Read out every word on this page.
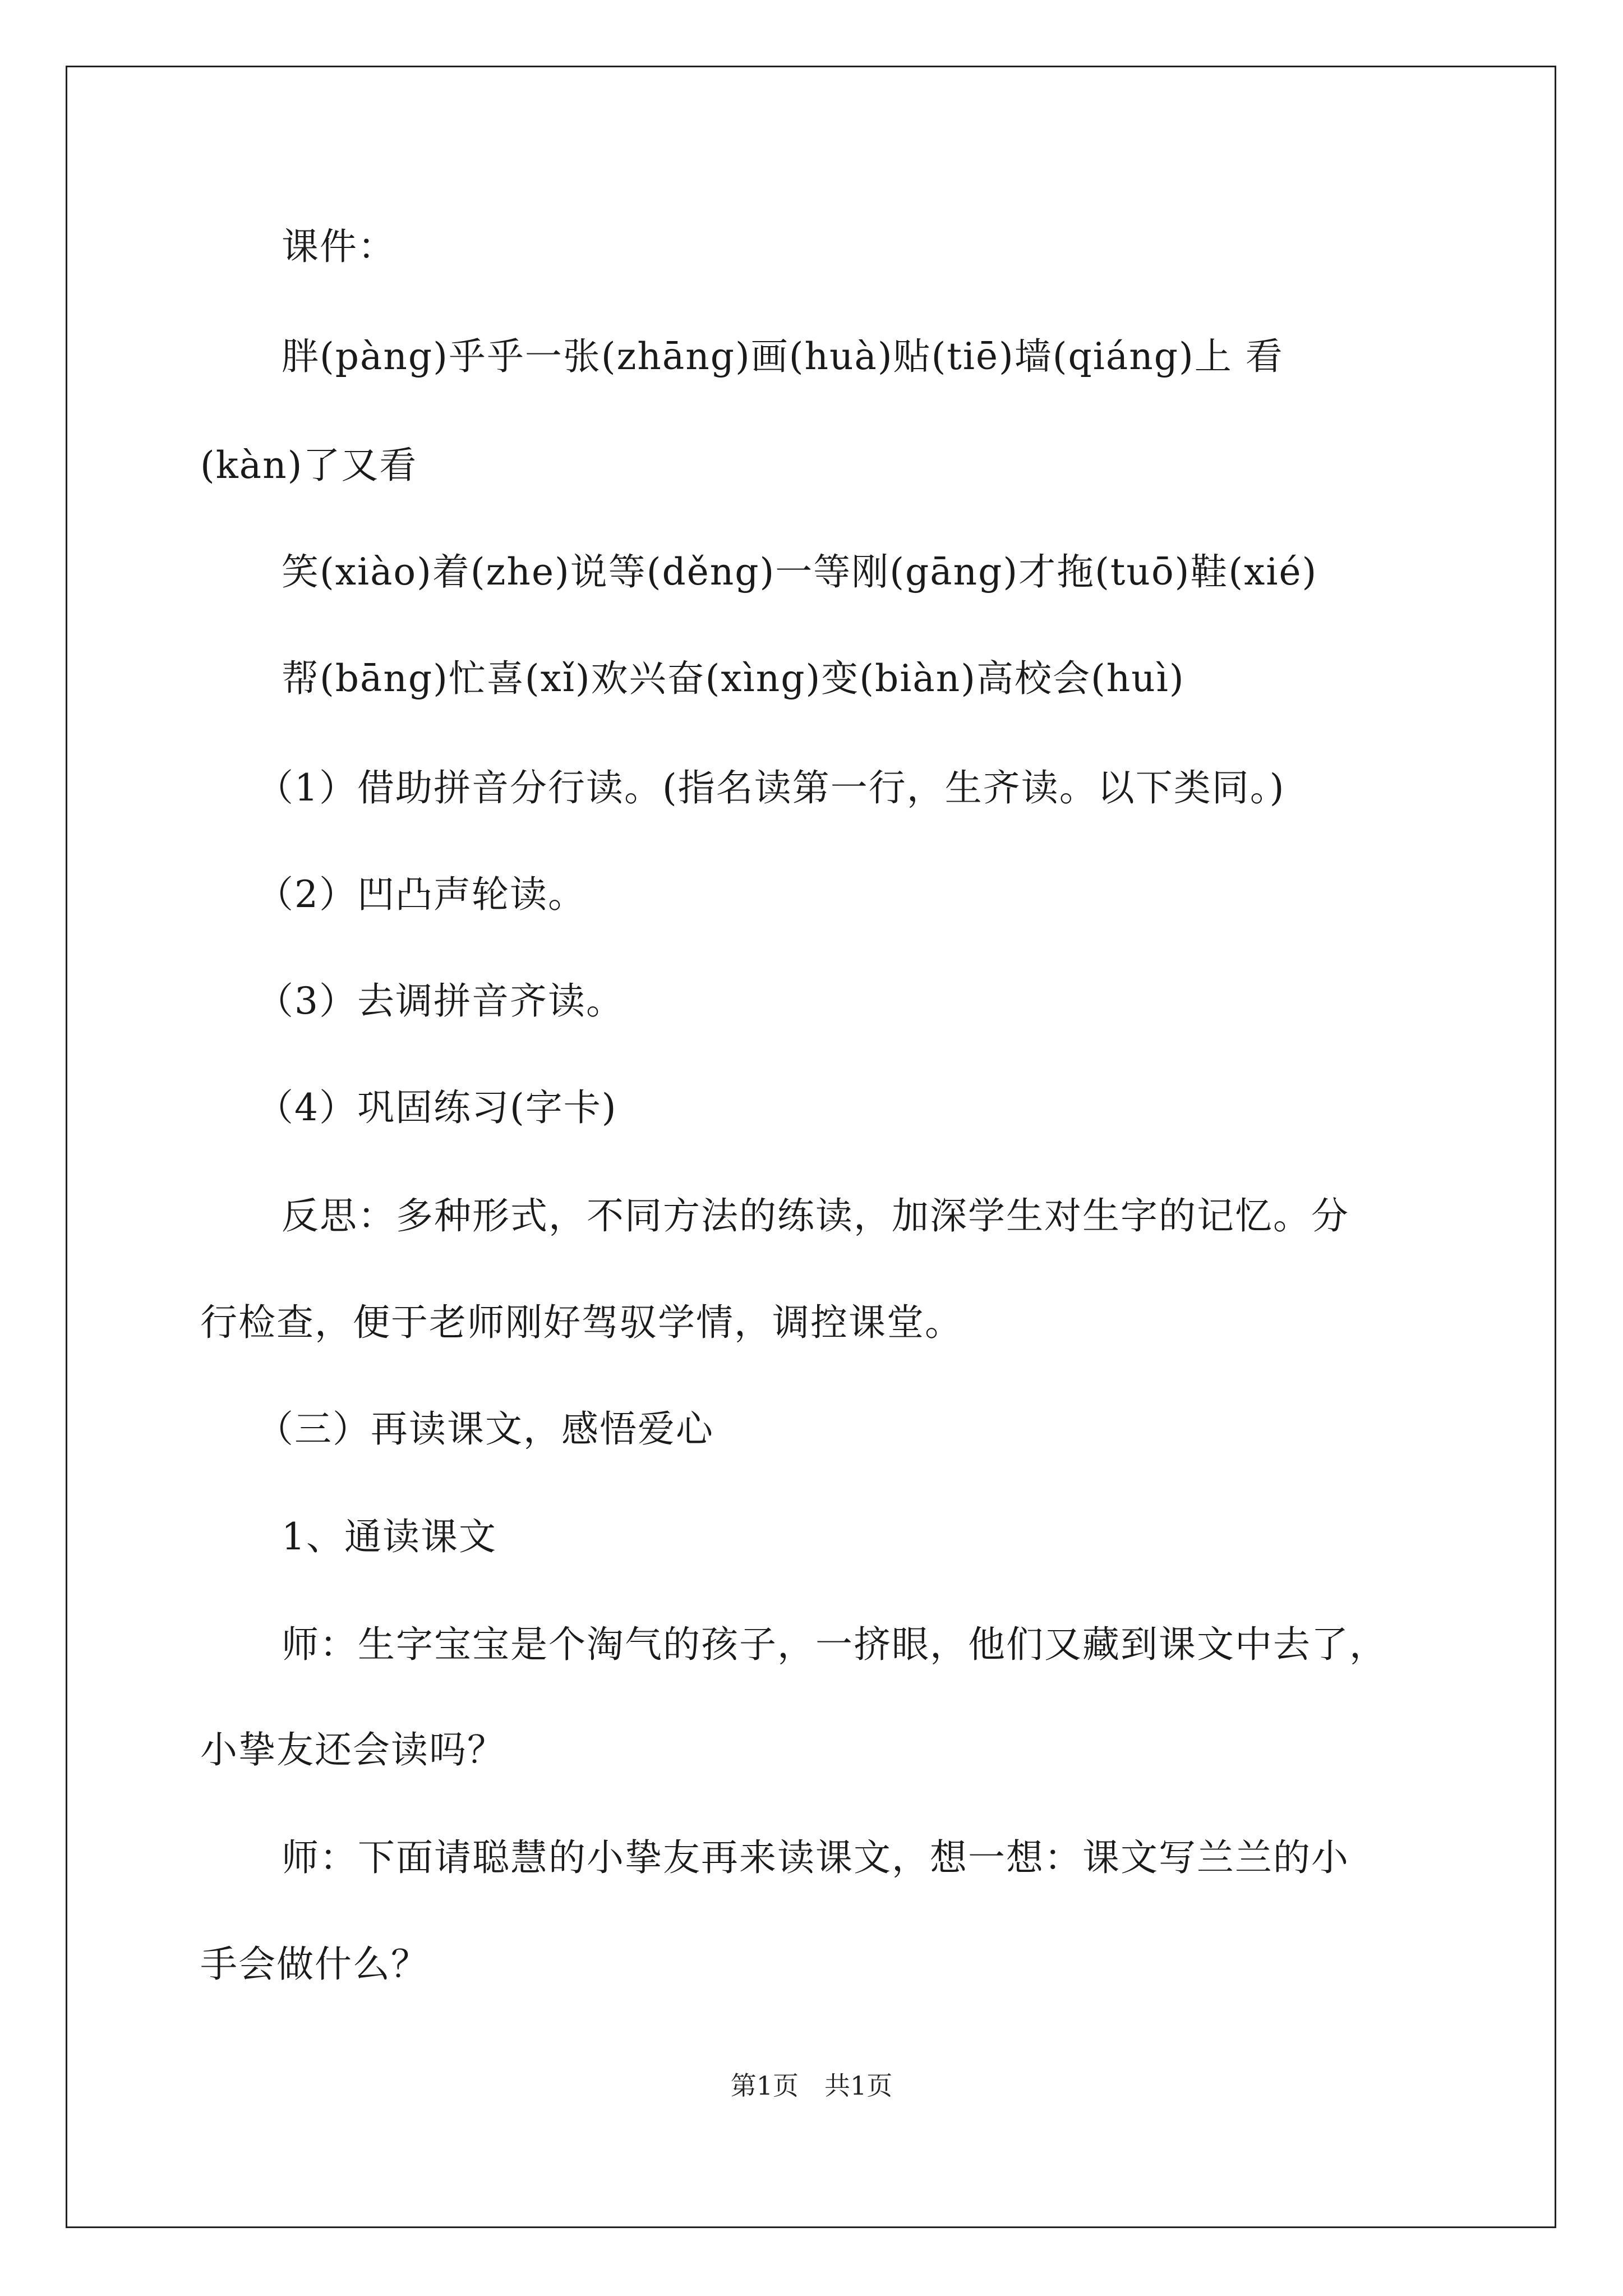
课件：
胖(pàng)乎乎一张(zhāng)画(huà)贴(tiē)墙(qiáng)上 看
(kàn)了又看
笑(xiào)着(zhe)说等(děng)一等刚(gāng)才拖(tuō)鞋(xié)
帮(bāng)忙喜(xǐ)欢兴奋(xìng)变(biàn)高校会(huì)
（1）借助拼音分行读。(指名读第一行，生齐读。以下类同。)
（2）凹凸声轮读。
（3）去调拼音齐读。
（4）巩固练习(字卡)
反思：多种形式，不同方法的练读，加深学生对生字的记忆。分
行检查，便于老师刚好驾驭学情，调控课堂。
（三）再读课文，感悟爱心
1、通读课文
师：生字宝宝是个淘气的孩子，一挤眼，他们又藏到课文中去了，
小挚友还会读吗？
师：下面请聪慧的小挚友再来读课文，想一想：课文写兰兰的小
手会做什么？
第1页　共1页
